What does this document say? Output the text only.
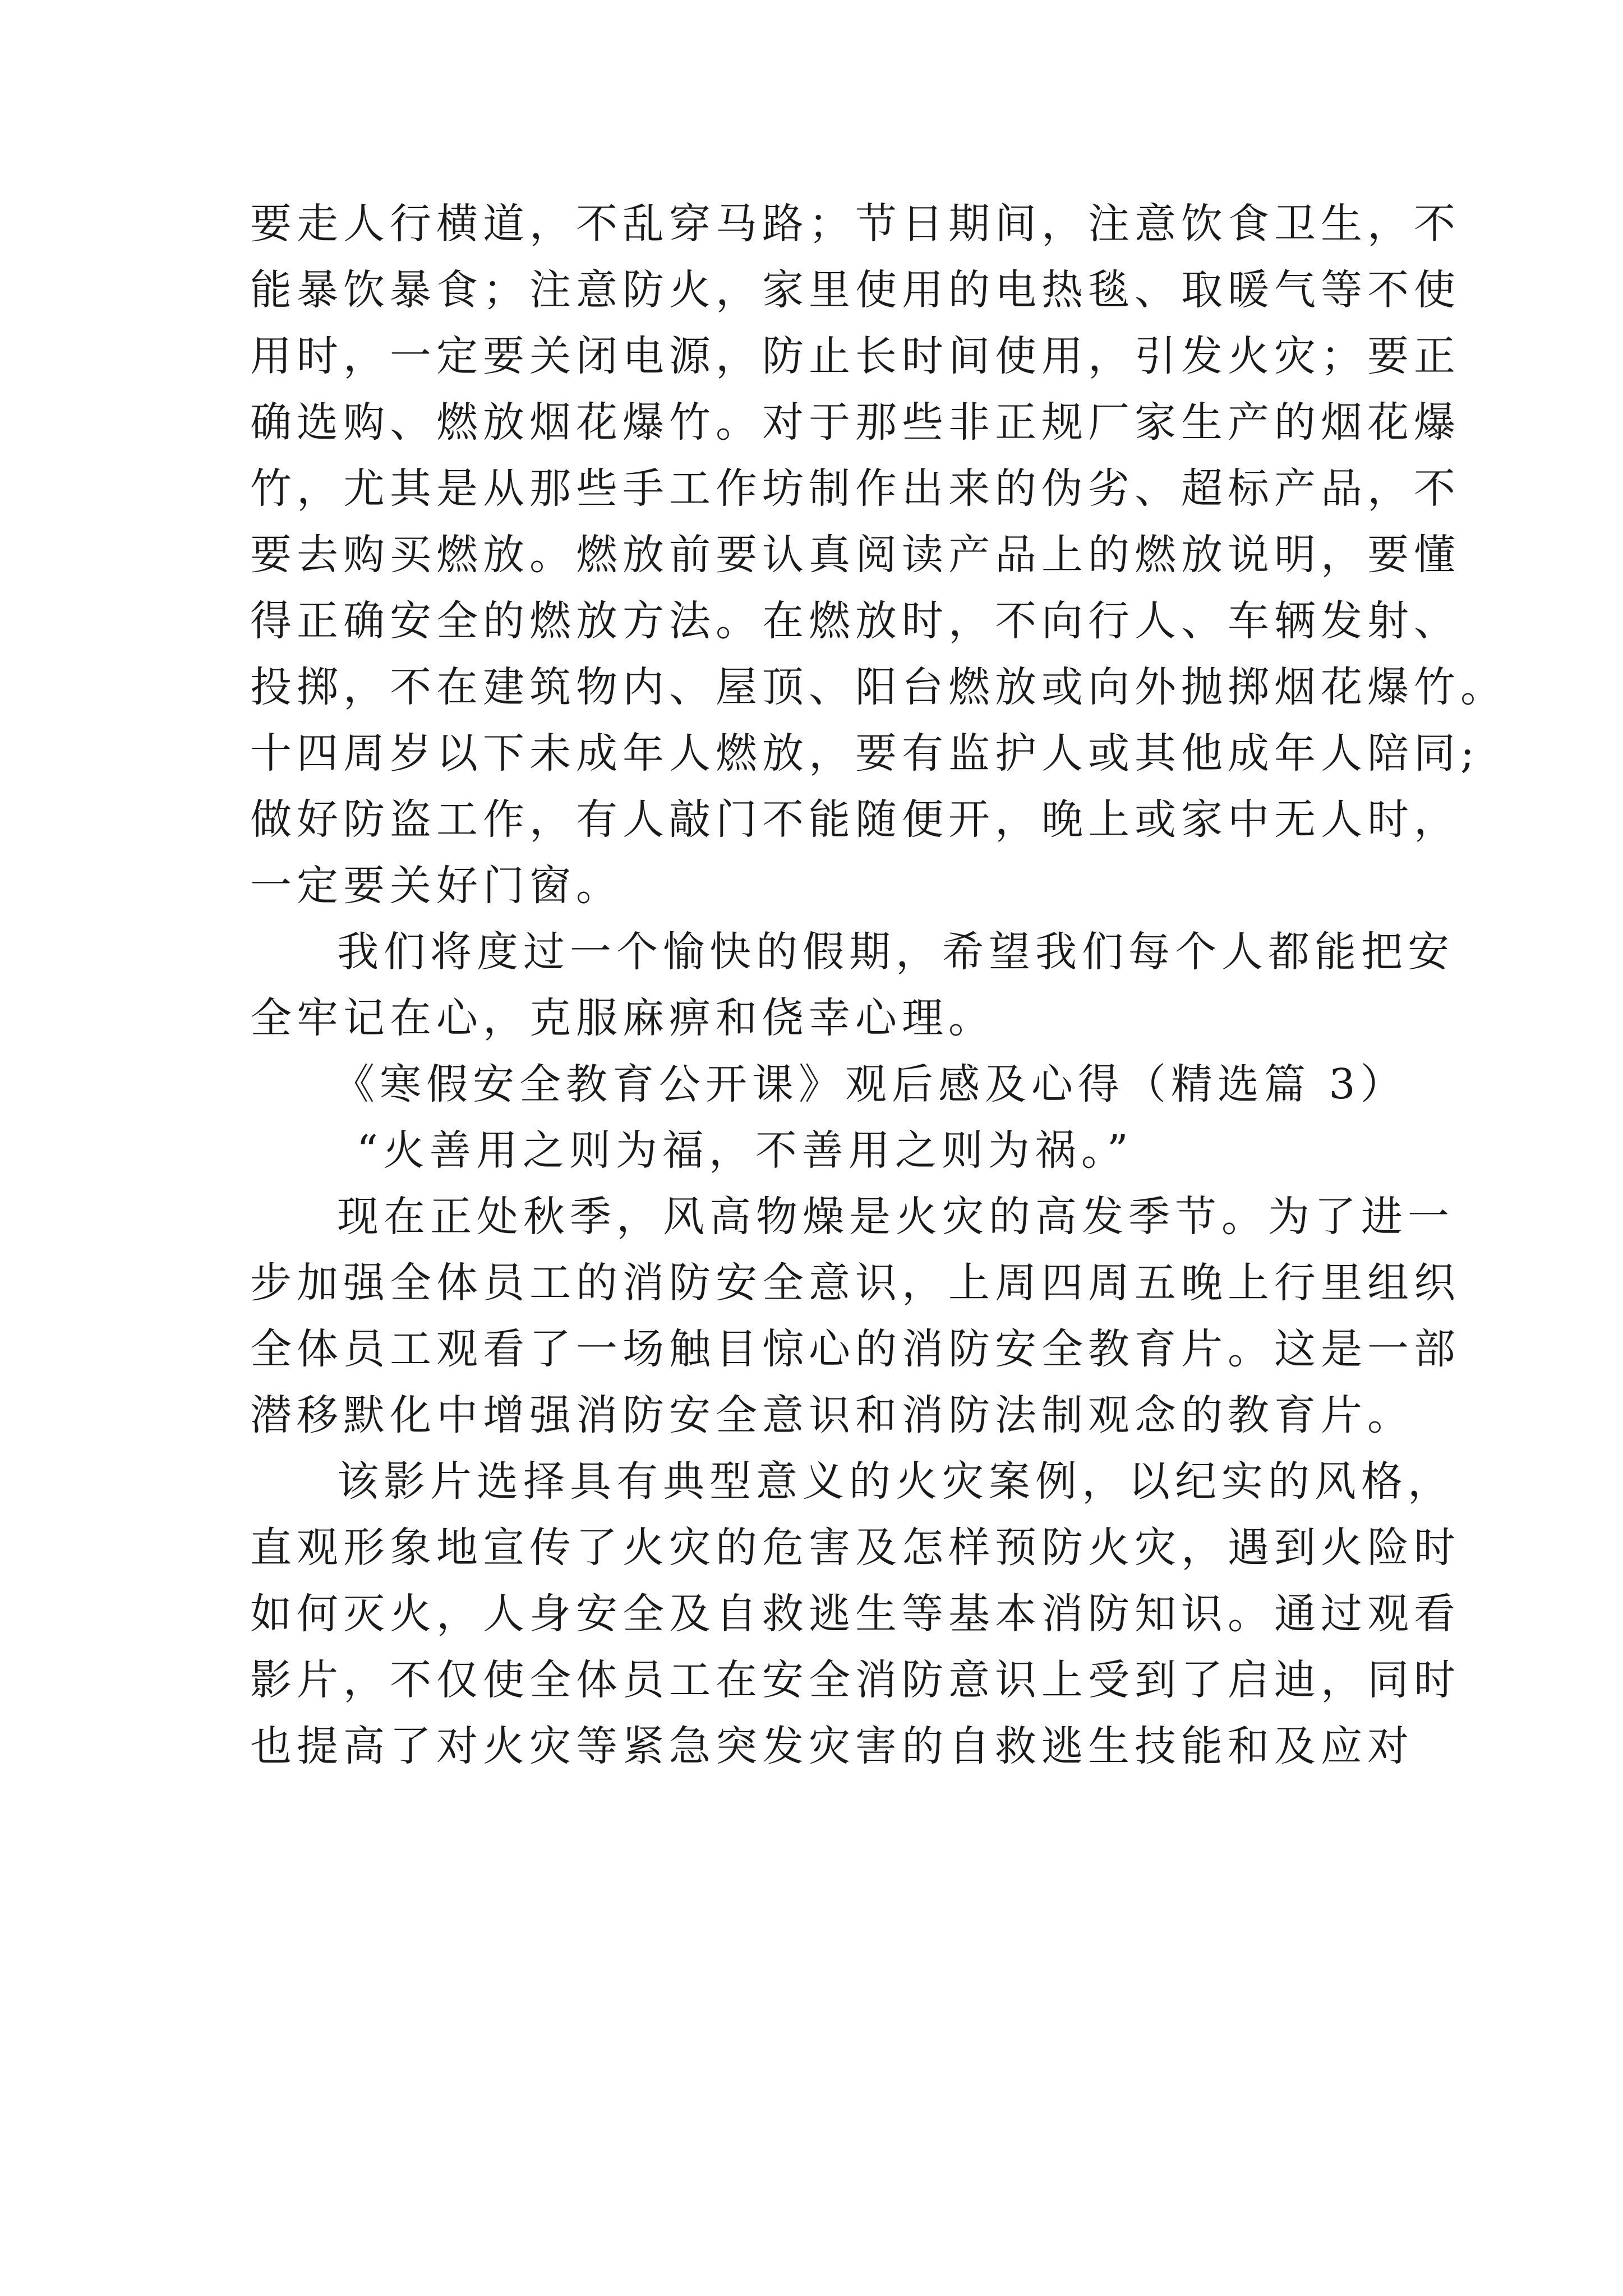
要走人行横道，不乱穿马路；节日期间，注意饮食卫生，不
能暴饮暴食；注意防火，家里使用的电热毯、取暖气等不使
用时，一定要关闭电源，防止长时间使用，引发火灾；要正
确选购、燃放烟花爆竹。对于那些非正规厂家生产的烟花爆
竹，尤其是从那些手工作坊制作出来的伪劣、超标产品，不
要去购买燃放。燃放前要认真阅读产品上的燃放说明，要懂
得正确安全的燃放方法。在燃放时，不向行人、车辆发射、
投掷，不在建筑物内、屋顶、阳台燃放或向外抛掷烟花爆竹。
十四周岁以下未成年人燃放，要有监护人或其他成年人陪同;
做好防盗工作，有人敲门不能随便开，晚上或家中无人时，
一定要关好门窗。
我们将度过一个愉快的假期，希望我们每个人都能把安
全牢记在心，克服麻痹和侥幸心理。
《寒假安全教育公开课》观后感及心得（精选篇 3）
“火善用之则为福，不善用之则为祸。”
现在正处秋季，风高物燥是火灾的高发季节。为了进一
步加强全体员工的消防安全意识，上周四周五晚上行里组织
全体员工观看了一场触目惊心的消防安全教育片。这是一部
潜移默化中增强消防安全意识和消防法制观念的教育片。
该影片选择具有典型意义的火灾案例，以纪实的风格，
直观形象地宣传了火灾的危害及怎样预防火灾，遇到火险时
如何灭火，人身安全及自救逃生等基本消防知识。通过观看
影片，不仅使全体员工在安全消防意识上受到了启迪，同时
也提高了对火灾等紧急突发灾害的自救逃生技能和及应对
